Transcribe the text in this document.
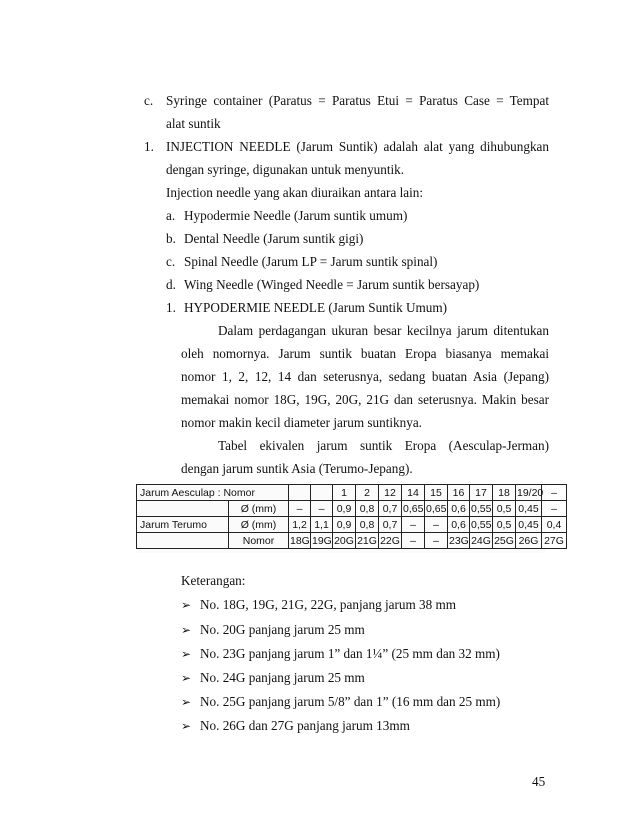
c. Syringe container (Paratus = Paratus Etui = Paratus Case = Tempat
alat suntik
1. INJECTION NEEDLE (Jarum Suntik) adalah alat yang dihubungkan
dengan syringe, digunakan untuk menyuntik.
Injection needle yang akan diuraikan antara lain:
a. Hypodermie Needle (Jarum suntik umum)
b. Dental Needle (Jarum suntik gigi)
c. Spinal Needle (Jarum LP = Jarum suntik spinal)
d. Wing Needle (Winged Needle = Jarum suntik bersayap)
1. HYPODERMIE NEEDLE (Jarum Suntik Umum)
Dalam perdagangan ukuran besar kecilnya jarum ditentukan
oleh nomornya. Jarum suntik buatan Eropa biasanya memakai
nomor 1, 2, 12, 14 dan seterusnya, sedang buatan Asia (Jepang)
memakai nomor 18G, 19G, 20G, 21G dan seterusnya. Makin besar
nomor makin kecil diameter jarum suntiknya.
Tabel ekivalen jarum suntik Eropa (Aesculap-Jerman)
dengan jarum suntik Asia (Terumo-Jepang).
Jarum Aesculap : Nomor				1	2	12	14	15	16	17	18	19/20	–
	Ø (mm)	–	–	0,9	0,8	0,7	0,65	0,65	0,6	0,55	0,5	0,45	–
Jarum Terumo	Ø (mm)	1,2	1,1	0,9	0,8	0,7	–	–	0,6	0,55	0,5	0,45	0,4
	Nomor	18G	19G	20G	21G	22G	–	–	23G	24G	25G	26G	27G
Keterangan:
➢ No. 18G, 19G, 21G, 22G, panjang jarum 38 mm
➢ No. 20G panjang jarum 25 mm
➢ No. 23G panjang jarum 1” dan 1¼” (25 mm dan 32 mm)
➢ No. 24G panjang jarum 25 mm
➢ No. 25G panjang jarum 5/8” dan 1” (16 mm dan 25 mm)
➢ No. 26G dan 27G panjang jarum 13mm
45
